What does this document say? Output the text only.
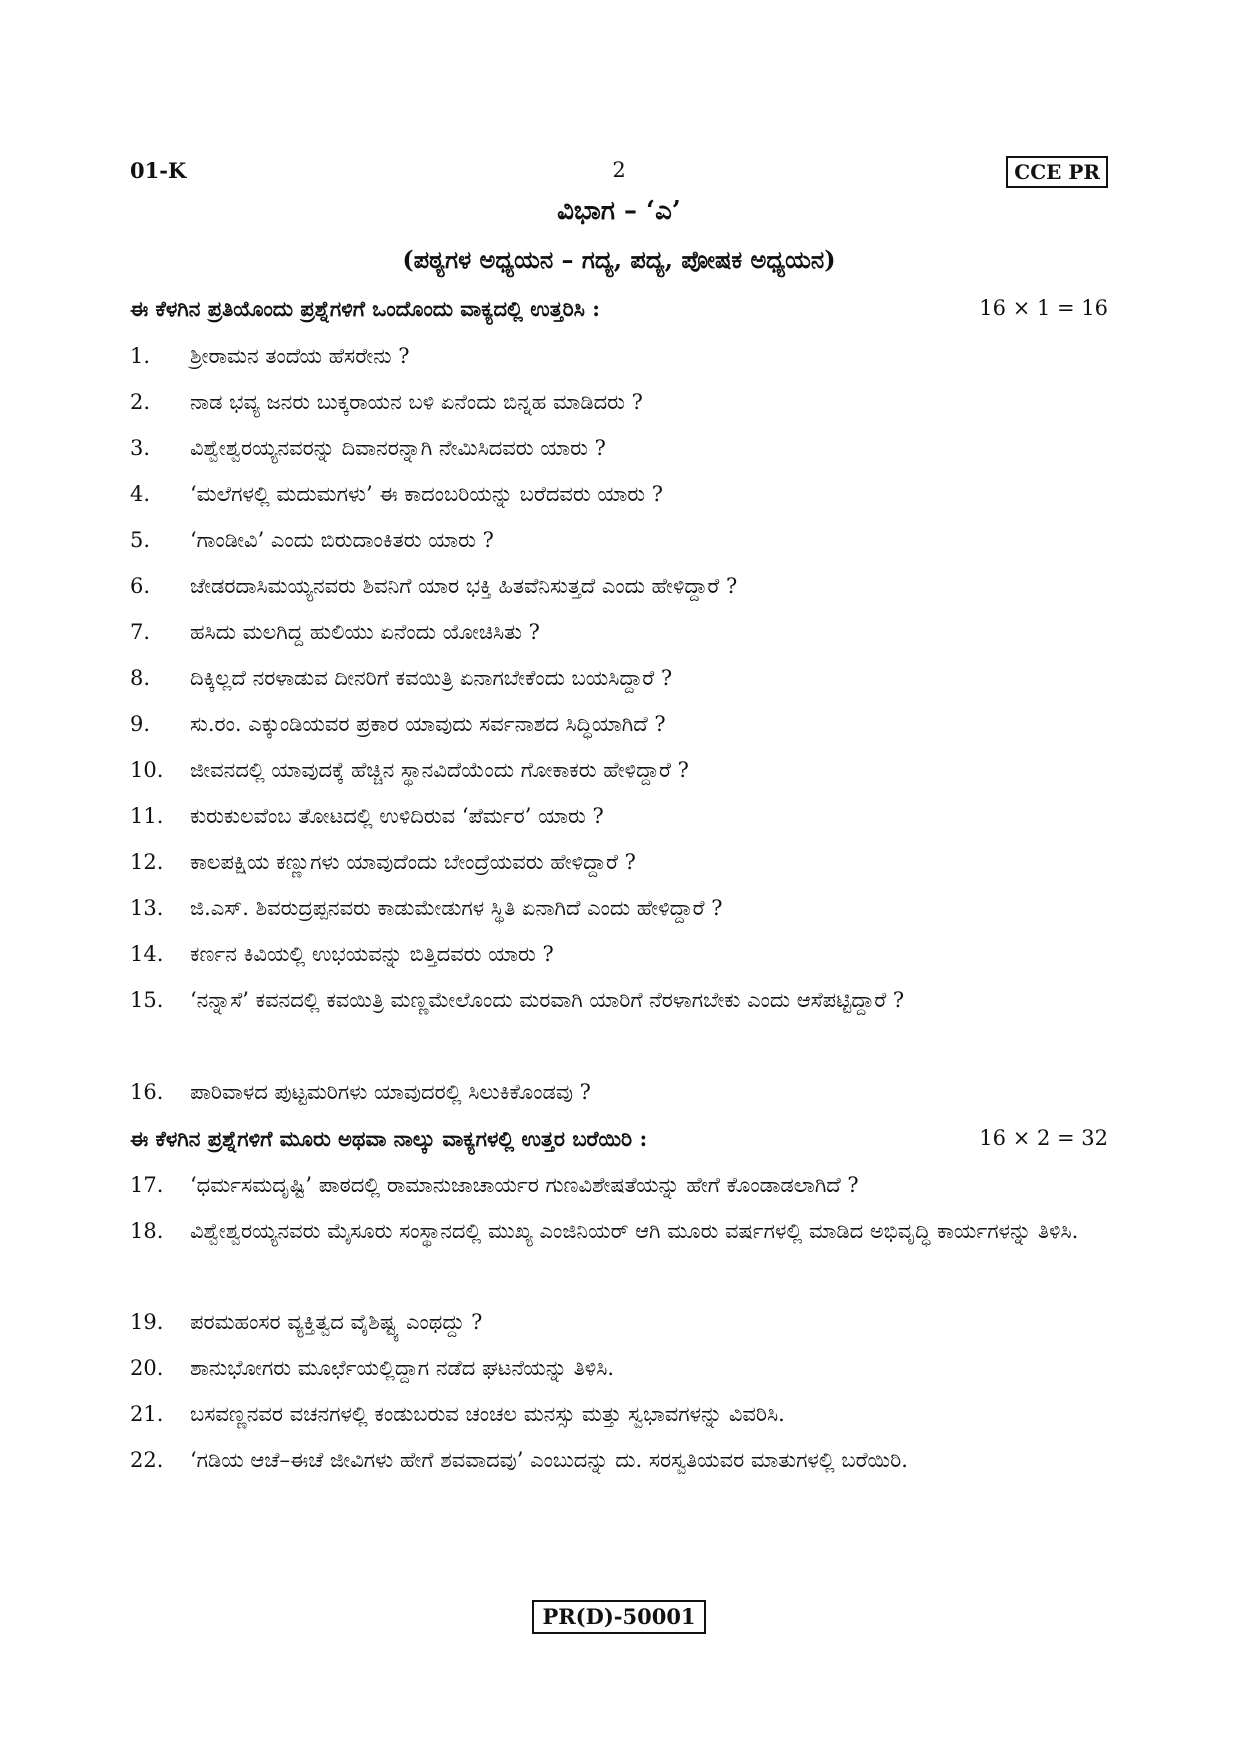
01-K	2	CCE PR
ವಿಭಾಗ – ‘ಎ’
(ಪಠ್ಯಗಳ ಅಧ್ಯಯನ – ಗದ್ಯ, ಪದ್ಯ, ಪೋಷಕ ಅಧ್ಯಯನ)
ಈ ಕೆಳಗಿನ ಪ್ರತಿಯೊಂದು ಪ್ರಶ್ನೆಗಳಿಗೆ ಒಂದೊಂದು ವಾಕ್ಯದಲ್ಲಿ ಉತ್ತರಿಸಿ :	16 × 1 = 16
1.	ಶ್ರೀರಾಮನ ತಂದೆಯ ಹೆಸರೇನು ?
2.	ನಾಡ ಭವ್ಯ ಜನರು ಬುಕ್ಕರಾಯನ ಬಳಿ ಏನೆಂದು ಬಿನ್ನಹ ಮಾಡಿದರು ?
3.	ವಿಶ್ವೇಶ್ವರಯ್ಯನವರನ್ನು ದಿವಾನರನ್ನಾಗಿ ನೇಮಿಸಿದವರು ಯಾರು ?
4.	‘ಮಲೆಗಳಲ್ಲಿ ಮದುಮಗಳು’ ಈ ಕಾದಂಬರಿಯನ್ನು ಬರೆದವರು ಯಾರು ?
5.	‘ಗಾಂಡೀವಿ’ ಎಂದು ಬಿರುದಾಂಕಿತರು ಯಾರು ?
6.	ಜೇಡರದಾಸಿಮಯ್ಯನವರು ಶಿವನಿಗೆ ಯಾರ ಭಕ್ತಿ ಹಿತವೆನಿಸುತ್ತದೆ ಎಂದು ಹೇಳಿದ್ದಾರೆ ?
7.	ಹಸಿದು ಮಲಗಿದ್ದ ಹುಲಿಯು ಏನೆಂದು ಯೋಚಿಸಿತು ?
8.	ದಿಕ್ಕಿಲ್ಲದೆ ನರಳಾಡುವ ದೀನರಿಗೆ ಕವಯಿತ್ರಿ ಏನಾಗಬೇಕೆಂದು ಬಯಸಿದ್ದಾರೆ ?
9.	ಸು.ರಂ. ಎಕ್ಕುಂಡಿಯವರ ಪ್ರಕಾರ ಯಾವುದು ಸರ್ವನಾಶದ ಸಿದ್ಧಿಯಾಗಿದೆ ?
10.	ಜೀವನದಲ್ಲಿ ಯಾವುದಕ್ಕೆ ಹೆಚ್ಚಿನ ಸ್ಥಾನವಿದೆಯೆಂದು ಗೋಕಾಕರು ಹೇಳಿದ್ದಾರೆ ?
11.	ಕುರುಕುಲವೆಂಬ ತೋಟದಲ್ಲಿ ಉಳಿದಿರುವ ‘ಪೆರ್ಮರ’ ಯಾರು ?
12.	ಕಾಲಪಕ್ಷಿಯ ಕಣ್ಣುಗಳು ಯಾವುದೆಂದು ಬೇಂದ್ರೆಯವರು ಹೇಳಿದ್ದಾರೆ ?
13.	ಜಿ.ಎಸ್. ಶಿವರುದ್ರಪ್ಪನವರು ಕಾಡುಮೇಡುಗಳ ಸ್ಥಿತಿ ಏನಾಗಿದೆ ಎಂದು ಹೇಳಿದ್ದಾರೆ ?
14.	ಕರ್ಣನ ಕಿವಿಯಲ್ಲಿ ಉಭಯವನ್ನು ಬಿತ್ತಿದವರು ಯಾರು ?
15.	‘ನನ್ನಾಸೆ’ ಕವನದಲ್ಲಿ ಕವಯಿತ್ರಿ ಮಣ್ಣಮೇಲೊಂದು ಮರವಾಗಿ ಯಾರಿಗೆ ನೆರಳಾಗಬೇಕು ಎಂದು ಆಸೆಪಟ್ಟಿದ್ದಾರೆ ?
16.	ಪಾರಿವಾಳದ ಪುಟ್ಟಮರಿಗಳು ಯಾವುದರಲ್ಲಿ ಸಿಲುಕಿಕೊಂಡವು ?
ಈ ಕೆಳಗಿನ ಪ್ರಶ್ನೆಗಳಿಗೆ ಮೂರು ಅಥವಾ ನಾಲ್ಕು ವಾಕ್ಯಗಳಲ್ಲಿ ಉತ್ತರ ಬರೆಯಿರಿ :	16 × 2 = 32
17.	‘ಧರ್ಮಸಮದೃಷ್ಟಿ’ ಪಾಠದಲ್ಲಿ ರಾಮಾನುಜಾಚಾರ್ಯರ ಗುಣವಿಶೇಷತೆಯನ್ನು ಹೇಗೆ ಕೊಂಡಾಡಲಾಗಿದೆ ?
18.	ವಿಶ್ವೇಶ್ವರಯ್ಯನವರು ಮೈಸೂರು ಸಂಸ್ಥಾನದಲ್ಲಿ ಮುಖ್ಯ ಎಂಜಿನಿಯರ್ ಆಗಿ ಮೂರು ವರ್ಷಗಳಲ್ಲಿ ಮಾಡಿದ ಅಭಿವೃದ್ಧಿ ಕಾರ್ಯಗಳನ್ನು ತಿಳಿಸಿ.
19.	ಪರಮಹಂಸರ ವ್ಯಕ್ತಿತ್ವದ ವೈಶಿಷ್ಟ್ಯ ಎಂಥದ್ದು ?
20.	ಶಾನುಭೋಗರು ಮೂರ್ಛೆಯಲ್ಲಿದ್ದಾಗ ನಡೆದ ಘಟನೆಯನ್ನು ತಿಳಿಸಿ.
21.	ಬಸವಣ್ಣನವರ ವಚನಗಳಲ್ಲಿ ಕಂಡುಬರುವ ಚಂಚಲ ಮನಸ್ಸು ಮತ್ತು ಸ್ವಭಾವಗಳನ್ನು ವಿವರಿಸಿ.
22.	‘ಗಡಿಯ ಆಚೆ–ಈಚೆ ಜೀವಿಗಳು ಹೇಗೆ ಶವವಾದವು’ ಎಂಬುದನ್ನು ದು. ಸರಸ್ವತಿಯವರ ಮಾತುಗಳಲ್ಲಿ ಬರೆಯಿರಿ.
PR(D)-50001
